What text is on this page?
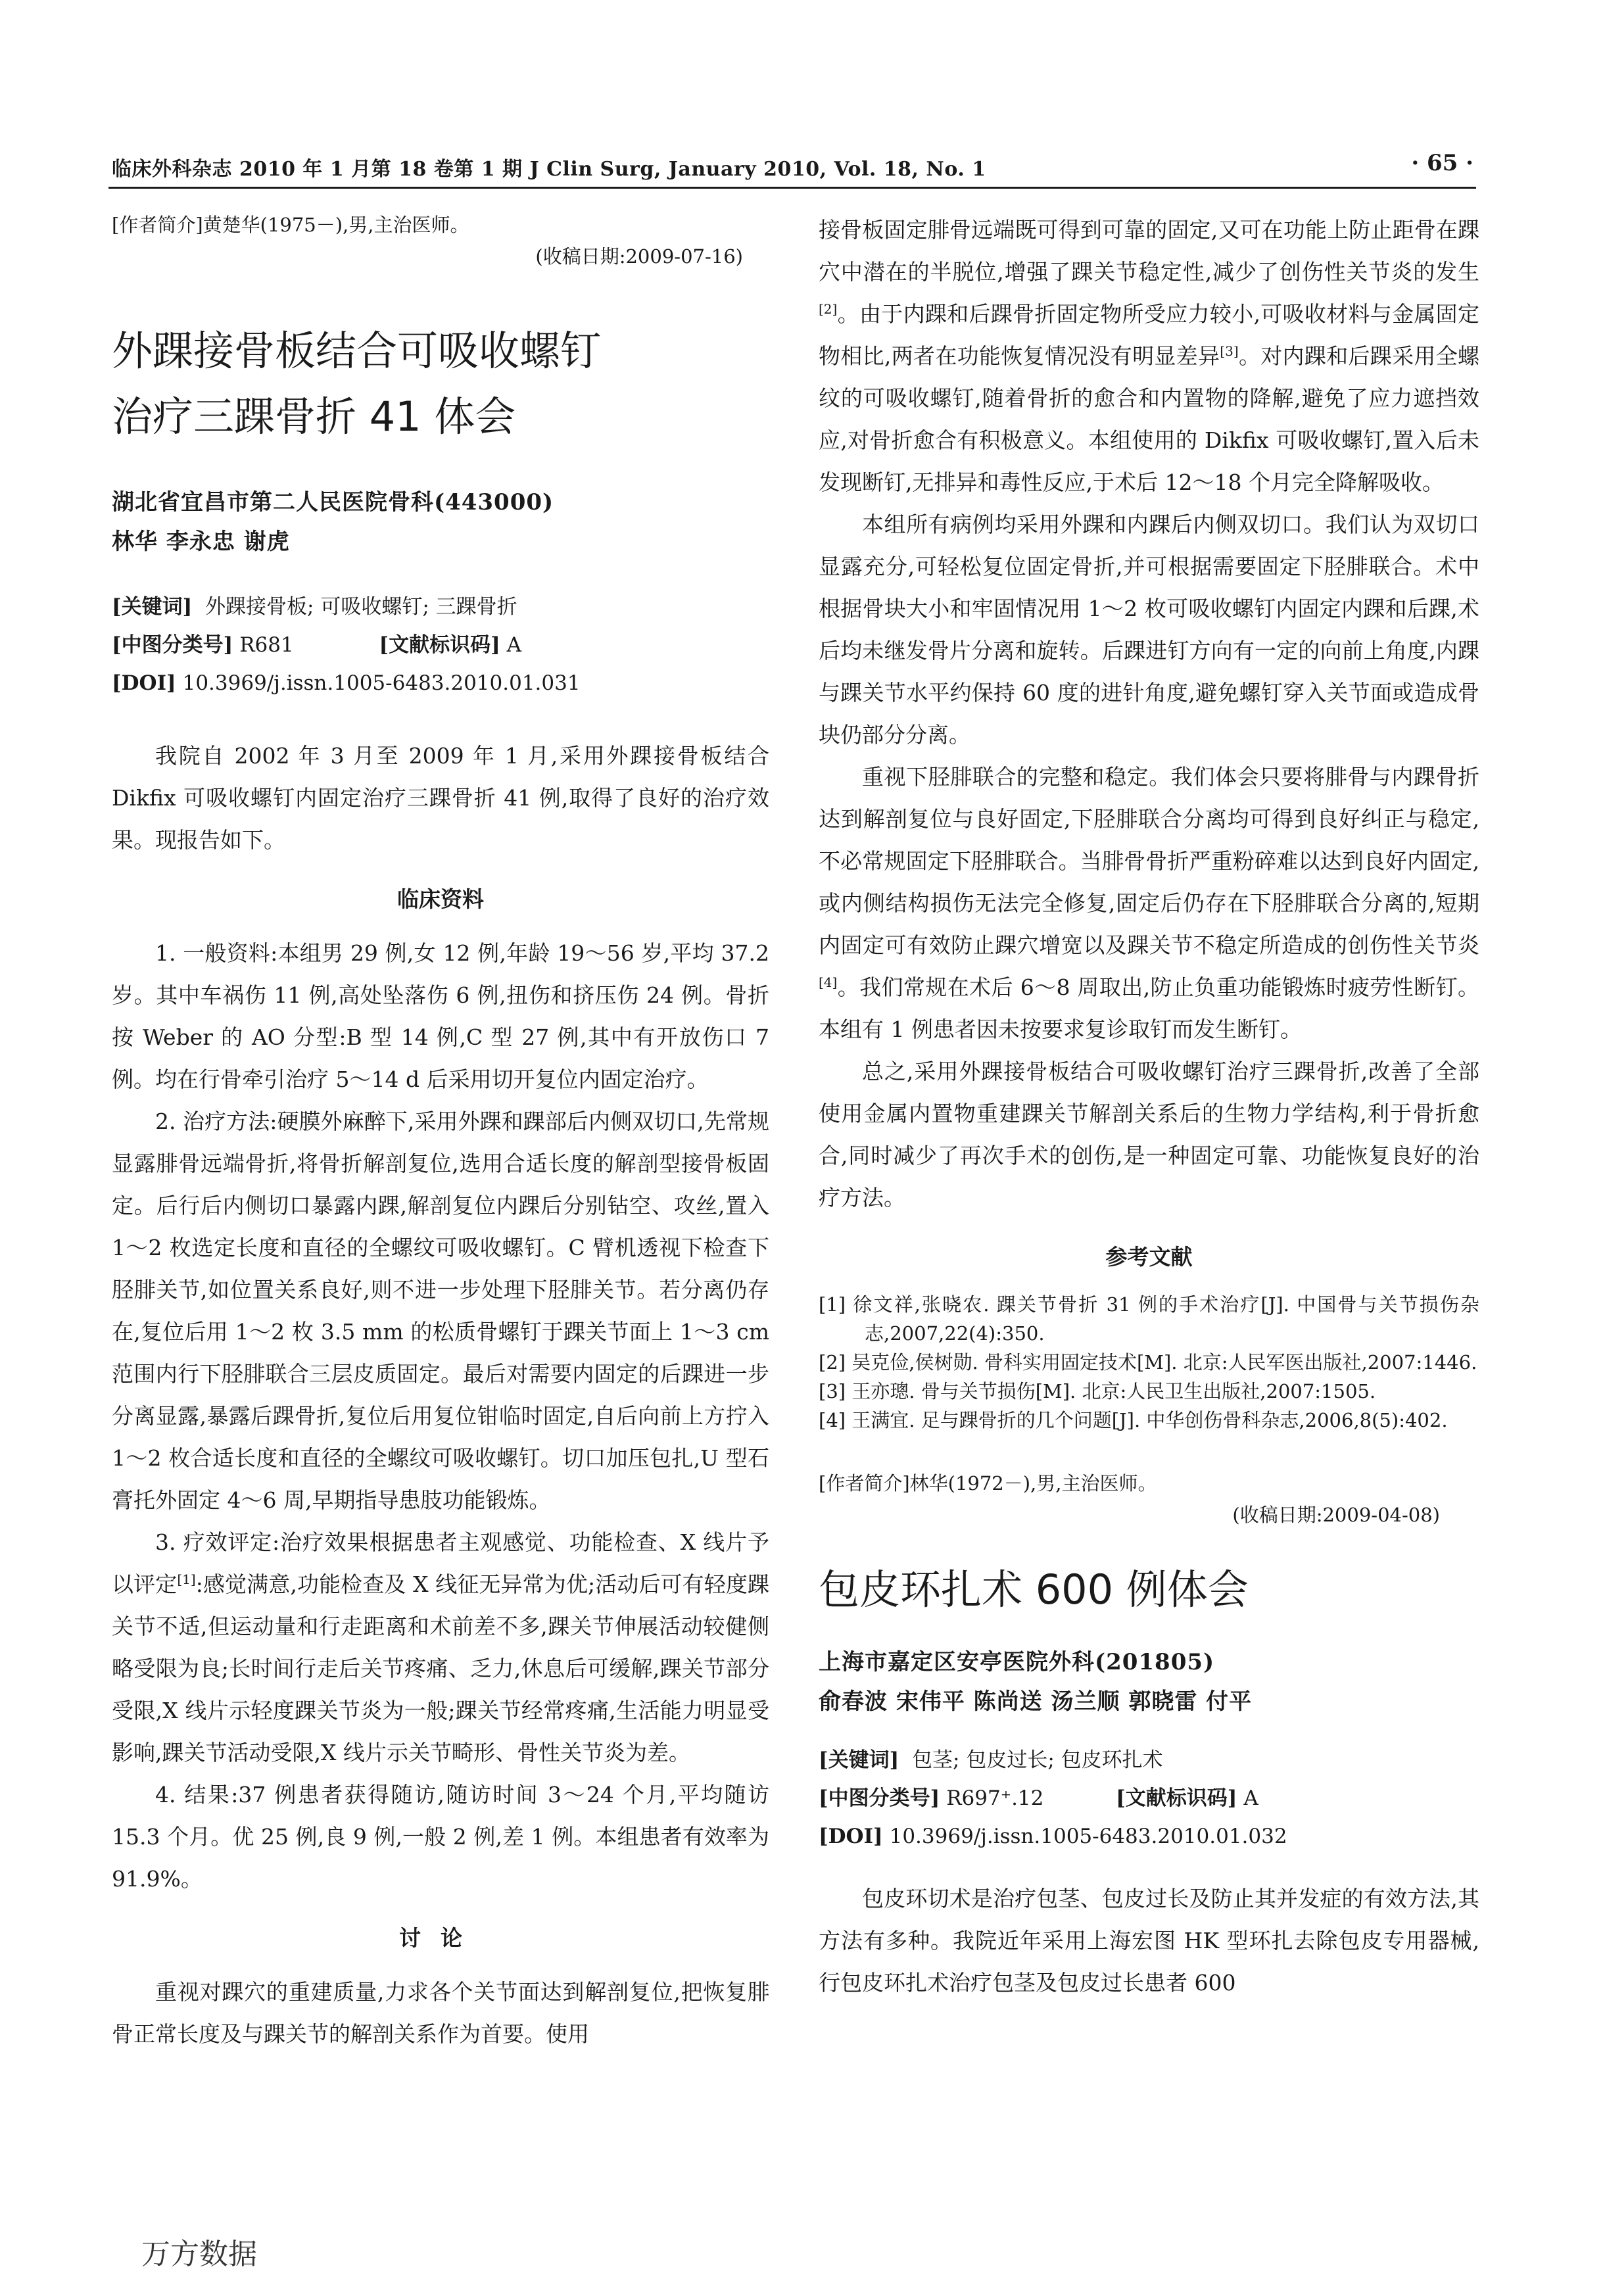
临床外科杂志 2010 年 1 月第 18 卷第 1 期 J Clin Surg, January 2010, Vol. 18, No. 1	· 65 ·

[作者简介]黄楚华(1975－),男,主治医师。

(收稿日期:2009-07-16)

外踝接骨板结合可吸收螺钉
治疗三踝骨折 41 体会
湖北省宜昌市第二人民医院骨科(443000)
林华 李永忠 谢虎
[关键词] 外踝接骨板; 可吸收螺钉; 三踝骨折
[中图分类号] R681	[文献标识码] A
[DOI] 10.3969/j.issn.1005-6483.2010.01.031

我院自 2002 年 3 月至 2009 年 1 月,采用外踝接骨板结合 Dikfix 可吸收螺钉内固定治疗三踝骨折 41 例,取得了良好的治疗效果。现报告如下。

临床资料

1. 一般资料:本组男 29 例,女 12 例,年龄 19～56 岁,平均 37.2 岁。其中车祸伤 11 例,高处坠落伤 6 例,扭伤和挤压伤 24 例。骨折按 Weber 的 AO 分型:B 型 14 例,C 型 27 例,其中有开放伤口 7 例。均在行骨牵引治疗 5～14 d 后采用切开复位内固定治疗。

2. 治疗方法:硬膜外麻醉下,采用外踝和踝部后内侧双切口,先常规显露腓骨远端骨折,将骨折解剖复位,选用合适长度的解剖型接骨板固定。后行后内侧切口暴露内踝,解剖复位内踝后分别钻空、攻丝,置入 1～2 枚选定长度和直径的全螺纹可吸收螺钉。C 臂机透视下检查下胫腓关节,如位置关系良好,则不进一步处理下胫腓关节。若分离仍存在,复位后用 1～2 枚 3.5 mm 的松质骨螺钉于踝关节面上 1～3 cm 范围内行下胫腓联合三层皮质固定。最后对需要内固定的后踝进一步分离显露,暴露后踝骨折,复位后用复位钳临时固定,自后向前上方拧入 1～2 枚合适长度和直径的全螺纹可吸收螺钉。切口加压包扎,U 型石膏托外固定 4～6 周,早期指导患肢功能锻炼。

3. 疗效评定:治疗效果根据患者主观感觉、功能检查、X 线片予以评定[1]:感觉满意,功能检查及 X 线征无异常为优;活动后可有轻度踝关节不适,但运动量和行走距离和术前差不多,踝关节伸展活动较健侧略受限为良;长时间行走后关节疼痛、乏力,休息后可缓解,踝关节部分受限,X 线片示轻度踝关节炎为一般;踝关节经常疼痛,生活能力明显受影响,踝关节活动受限,X 线片示关节畸形、骨性关节炎为差。

4. 结果:37 例患者获得随访,随访时间 3～24 个月,平均随访 15.3 个月。优 25 例,良 9 例,一般 2 例,差 1 例。本组患者有效率为 91.9%。

讨论

重视对踝穴的重建质量,力求各个关节面达到解剖复位,把恢复腓骨正常长度及与踝关节的解剖关系作为首要。使用

接骨板固定腓骨远端既可得到可靠的固定,又可在功能上防止距骨在踝穴中潜在的半脱位,增强了踝关节稳定性,减少了创伤性关节炎的发生[2]。由于内踝和后踝骨折固定物所受应力较小,可吸收材料与金属固定物相比,两者在功能恢复情况没有明显差异[3]。对内踝和后踝采用全螺纹的可吸收螺钉,随着骨折的愈合和内置物的降解,避免了应力遮挡效应,对骨折愈合有积极意义。本组使用的 Dikfix 可吸收螺钉,置入后未发现断钉,无排异和毒性反应,于术后 12～18 个月完全降解吸收。

本组所有病例均采用外踝和内踝后内侧双切口。我们认为双切口显露充分,可轻松复位固定骨折,并可根据需要固定下胫腓联合。术中根据骨块大小和牢固情况用 1～2 枚可吸收螺钉内固定内踝和后踝,术后均未继发骨片分离和旋转。后踝进钉方向有一定的向前上角度,内踝与踝关节水平约保持 60 度的进针角度,避免螺钉穿入关节面或造成骨块仍部分分离。

重视下胫腓联合的完整和稳定。我们体会只要将腓骨与内踝骨折达到解剖复位与良好固定,下胫腓联合分离均可得到良好纠正与稳定,不必常规固定下胫腓联合。当腓骨骨折严重粉碎难以达到良好内固定,或内侧结构损伤无法完全修复,固定后仍存在下胫腓联合分离的,短期内固定可有效防止踝穴增宽以及踝关节不稳定所造成的创伤性关节炎[4]。我们常规在术后 6～8 周取出,防止负重功能锻炼时疲劳性断钉。本组有 1 例患者因未按要求复诊取钉而发生断钉。

总之,采用外踝接骨板结合可吸收螺钉治疗三踝骨折,改善了全部使用金属内置物重建踝关节解剖关系后的生物力学结构,利于骨折愈合,同时减少了再次手术的创伤,是一种固定可靠、功能恢复良好的治疗方法。

参考文献

[1] 徐文祥,张晓农. 踝关节骨折 31 例的手术治疗[J]. 中国骨与关节损伤杂志,2007,22(4):350.

[2] 吴克俭,侯树勋. 骨科实用固定技术[M]. 北京:人民军医出版社,2007:1446.

[3] 王亦璁. 骨与关节损伤[M]. 北京:人民卫生出版社,2007:1505.

[4] 王满宜. 足与踝骨折的几个问题[J]. 中华创伤骨科杂志,2006,8(5):402.

[作者简介]林华(1972－),男,主治医师。

(收稿日期:2009-04-08)

包皮环扎术 600 例体会
上海市嘉定区安亭医院外科(201805)
俞春波 宋伟平 陈尚送 汤兰顺 郭晓雷 付平
[关键词] 包茎; 包皮过长; 包皮环扎术
[中图分类号] R697⁺.12	[文献标识码] A
[DOI] 10.3969/j.issn.1005-6483.2010.01.032

包皮环切术是治疗包茎、包皮过长及防止其并发症的有效方法,其方法有多种。我院近年采用上海宏图 HK 型环扎去除包皮专用器械,行包皮环扎术治疗包茎及包皮过长患者 600

万方数据
